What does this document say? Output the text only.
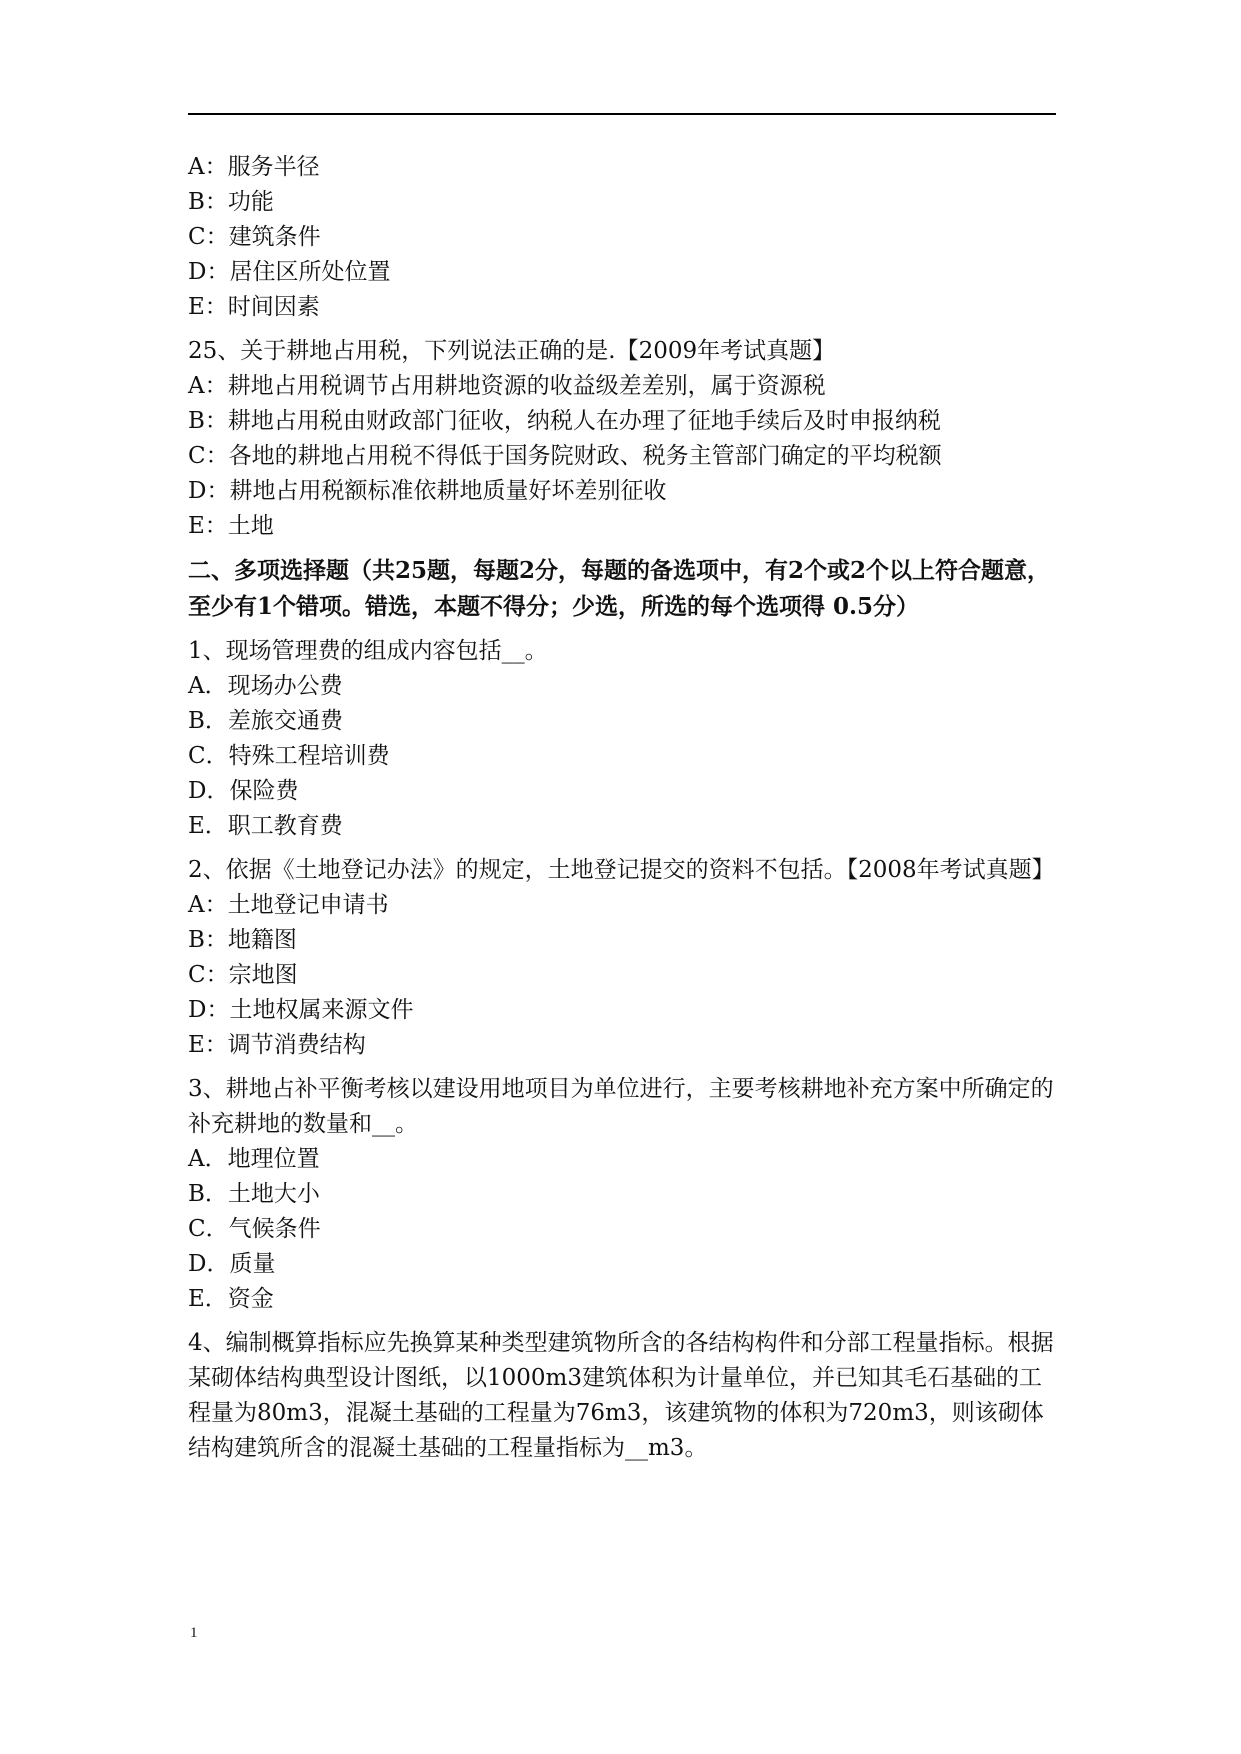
A：服务半径

B：功能

C：建筑条件

D：居住区所处位置

E：时间因素

25、关于耕地占用税，下列说法正确的是.【2009年考试真题】

A：耕地占用税调节占用耕地资源的收益级差差别，属于资源税

B：耕地占用税由财政部门征收，纳税人在办理了征地手续后及时申报纳税

C：各地的耕地占用税不得低于国务院财政、税务主管部门确定的平均税额

D：耕地占用税额标准依耕地质量好坏差别征收

E：土地

二、多项选择题（共25题，每题2分，每题的备选项中，有2个或2个以上符合题意，至少有1个错项。错选，本题不得分；少选，所选的每个选项得 0.5分）

1、现场管理费的组成内容包括__。

A．现场办公费

B．差旅交通费

C．特殊工程培训费

D．保险费

E．职工教育费

2、依据《土地登记办法》的规定，土地登记提交的资料不包括。【2008年考试真题】

A：土地登记申请书

B：地籍图

C：宗地图

D：土地权属来源文件

E：调节消费结构

3、耕地占补平衡考核以建设用地项目为单位进行，主要考核耕地补充方案中所确定的补充耕地的数量和__。

A．地理位置

B．土地大小

C．气候条件

D．质量

E．资金

4、编制概算指标应先换算某种类型建筑物所含的各结构构件和分部工程量指标。根据某砌体结构典型设计图纸，以1000m3建筑体积为计量单位，并已知其毛石基础的工程量为80m3，混凝土基础的工程量为76m3，该建筑物的体积为720m3，则该砌体结构建筑所含的混凝土基础的工程量指标为__m3。

1
